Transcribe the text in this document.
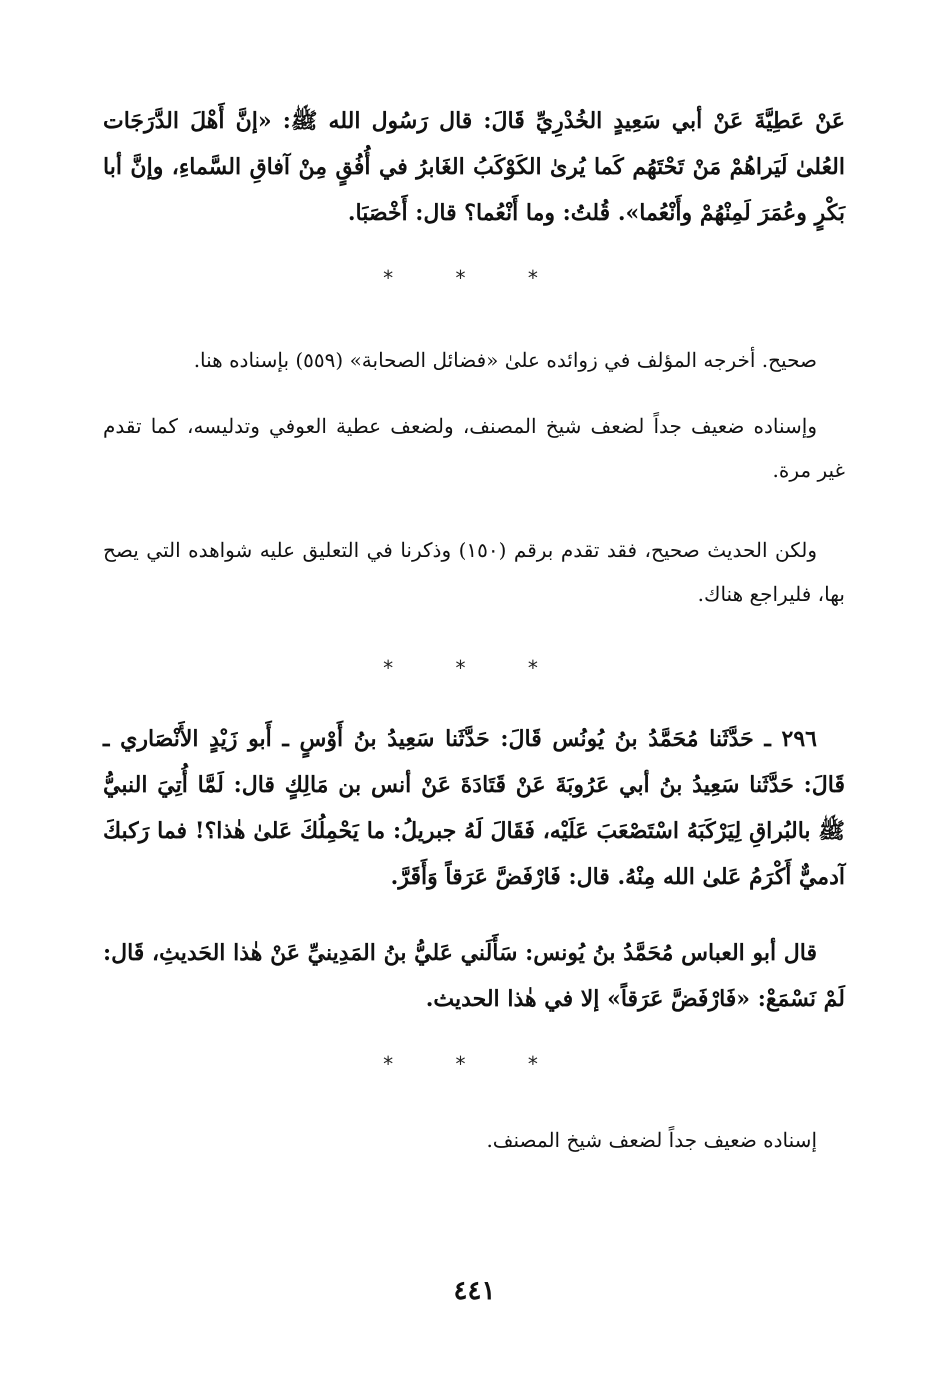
عَنْ عَطِيَّةَ عَنْ أبي سَعِيدٍ الخُدْرِيِّ قَالَ: قال رَسُول الله ﷺ: «إنَّ أَهْلَ الدَّرَجَات العُلىٰ لَيَراهُمْ مَنْ تَحْتَهُم كَما يُرىٰ الكَوْكَبُ الغَابرُ في أُفُقٍ مِنْ آفاقِ السَّماءِ، وإنَّ أبا بَكْرٍ وعُمَرَ لَمِنْهُمْ وأَنْعُما». قُلتُ: وما أَنْعُما؟ قال: أَخْصَبَا.

* * *

صحيح. أخرجه المؤلف في زوائده علىٰ «فضائل الصحابة» (٥٥٩) بإسناده هنا.

وإسناده ضعيف جداً لضعف شيخ المصنف، ولضعف عطية العوفي وتدليسه، كما تقدم غير مرة.

ولكن الحديث صحيح، فقد تقدم برقم (١٥٠) وذكرنا في التعليق عليه شواهده التي يصح بها، فليراجع هناك.

* * *

٢٩٦ ـ حَدَّثَنا مُحَمَّدُ بنُ يُونُس قَالَ: حَدَّثَنا سَعِيدُ بنُ أَوْسٍ ـ أَبو زَيْدٍ الأَنْصَاري ـ قَالَ: حَدَّثَنا سَعِيدُ بنُ أبي عَرُوبَةَ عَنْ قَتَادَةَ عَنْ أنس بن مَالِكٍ قال: لَمَّا أُتِيَ النبيُّ ﷺ بالبُراقِ لِيَرْكَبَهُ اسْتَصْعَبَ عَلَيْه، فَقَالَ لَهُ جبريلُ: ما يَحْمِلُكَ عَلىٰ هٰذا؟! فما رَكبكَ آدميٌّ أَكْرَمُ عَلىٰ الله مِنْهُ. قال: فَارْفَضَّ عَرَقاً وَأَقَرَّ.

قال أبو العباس مُحَمَّدُ بنُ يُونس: سَأَلَني عَليُّ بنُ المَدِينيِّ عَنْ هٰذا الحَديثِ، قَال: لَمْ نَسْمَعْ: «فَارْفَضَّ عَرَقاً» إلا في هٰذا الحديث.

* * *

إسناده ضعيف جداً لضعف شيخ المصنف.

٤٤١
